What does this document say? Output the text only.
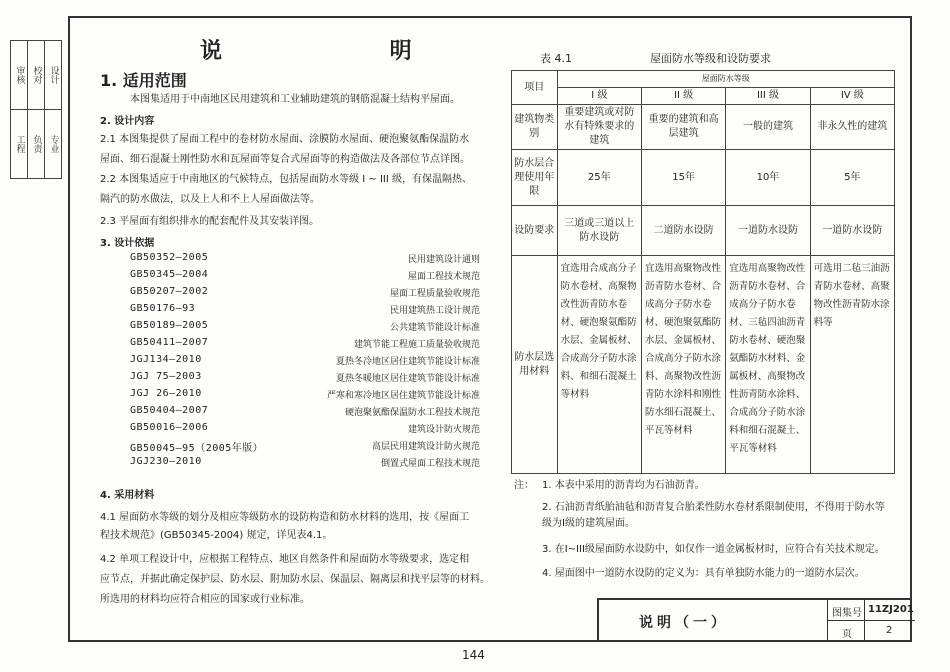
审核	校对	设计
工程	负责	专业
说 明
1. 适用范围
本图集适用于中南地区民用建筑和工业辅助建筑的钢筋混凝土结构平屋面。
2. 设计内容
2.1 本图集提供了屋面工程中的卷材防水屋面、涂膜防水屋面、硬泡聚氨酯保温防水
屋面、细石混凝土刚性防水和瓦屋面等复合式屋面等的构造做法及各部位节点详图。
2.2 本图集适应于中南地区的气候特点，包括屋面防水等级 I ~ III 级，有保温隔热、
隔汽的防水做法，以及上人和不上人屋面做法等。
2.3 平屋面有组织排水的配套配件及其安装详图。
3. 设计依据
GB50352—2005	民用建筑设计通则
GB50345—2004	屋面工程技术规范
GB50207—2002	屋面工程质量验收规范
GB50176—93	民用建筑热工设计规范
GB50189—2005	公共建筑节能设计标准
GB50411—2007	建筑节能工程施工质量验收规范
JGJ134—2010	夏热冬冷地区居住建筑节能设计标准
JGJ 75—2003	夏热冬暖地区居住建筑节能设计标准
JGJ 26—2010	严寒和寒冷地区居住建筑节能设计标准
GB50404—2007	硬泡聚氨酯保温防水工程技术规范
GB50016—2006	建筑设计防火规范
GB50045—95（2005年版）	高层民用建筑设计防火规范
JGJ230—2010	倒置式屋面工程技术规范
4. 采用材料
4.1 屋面防水等级的划分及相应等级防水的设防构造和防水材料的选用，按《屋面工
程技术规范》(GB50345-2004) 规定，详见表4.1。
4.2 单项工程设计中，应根据工程特点、地区自然条件和屋面防水等级要求，选定相
应节点，并据此确定保护层、防水层、附加防水层、保温层、隔离层和找平层等的材料。
所选用的材料均应符合相应的国家或行业标准。
表 4.1	屋面防水等级和设防要求
项目	屋面防水等级			
	I 级	II 级	III 级	IV 级
建筑物类别	重要建筑或对防水有特殊要求的建筑	重要的建筑和高层建筑	一般的建筑	非永久性的建筑
防水层合理使用年限	25年	15年	10年	5年
设防要求	三道或三道以上防水设防	二道防水设防	一道防水设防	一道防水设防
防水层选用材料	宜选用合成高分子防水卷材、高聚物改性沥青防水卷材、硬泡聚氨酯防水层、金属板材、合成高分子防水涂料、和细石混凝土等材料	宜选用高聚物改性沥青防水卷材、合成高分子防水卷材、硬泡聚氨酯防水层、金属板材、合成高分子防水涂料、高聚物改性沥青防水涂料和刚性防水细石混凝土、平瓦等材料	宜选用高聚物改性沥青防水卷材、合成高分子防水卷材、三毡四油沥青防水卷材、硬泡聚氨酯防水材料、金属板材、高聚物改性沥青防水涂料、合成高分子防水涂料和细石混凝土、平瓦等材料	可选用二毡三油沥青防水卷材、高聚物改性沥青防水涂料等
注： 1. 本表中采用的沥青均为石油沥青。
2. 石油沥青纸胎油毡和沥青复合胎柔性防水卷材系限制使用，不得用于防水等级为I级的建筑屋面。
3. 在I~III级屋面防水设防中，如仅作一道金属板材时，应符合有关技术规定。
4. 屋面图中一道防水设防的定义为：具有单独防水能力的一道防水层次。
说明（一）
图集号 11ZJ201
页	2
144
